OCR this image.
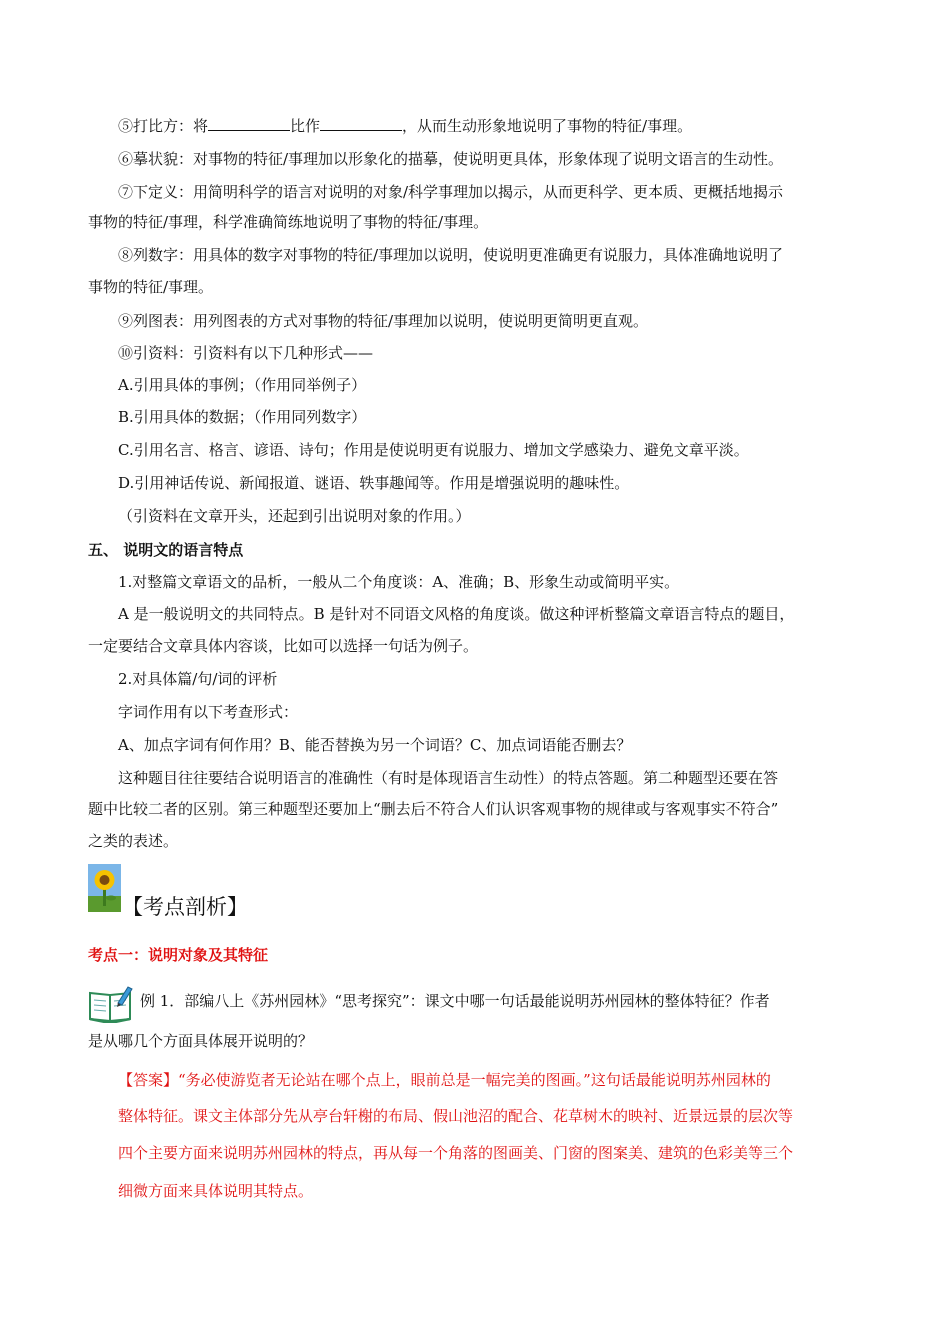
⑤打比方：将	比作	，从而生动形象地说明了事物的特征/事理。
⑥摹状貌：对事物的特征/事理加以形象化的描摹，使说明更具体，形象体现了说明文语言的生动性。
⑦下定义：用简明科学的语言对说明的对象/科学事理加以揭示，从而更科学、更本质、更概括地揭示
事物的特征/事理，科学准确简练地说明了事物的特征/事理。
⑧列数字：用具体的数字对事物的特征/事理加以说明，使说明更准确更有说服力，具体准确地说明了
事物的特征/事理。
⑨列图表：用列图表的方式对事物的特征/事理加以说明，使说明更简明更直观。
⑩引资料：引资料有以下几种形式——
A.引用具体的事例；（作用同举例子）
B.引用具体的数据；（作用同列数字）
C.引用名言、格言、谚语、诗句；作用是使说明更有说服力、增加文学感染力、避免文章平淡。
D.引用神话传说、新闻报道、谜语、轶事趣闻等。作用是增强说明的趣味性。
（引资料在文章开头，还起到引出说明对象的作用。）
五、 说明文的语言特点
1.对整篇文章语文的品析，一般从二个角度谈：A、准确；B、形象生动或简明平实。
A 是一般说明文的共同特点。B 是针对不同语文风格的角度谈。做这种评析整篇文章语言特点的题目，
一定要结合文章具体内容谈，比如可以选择一句话为例子。
2.对具体篇/句/词的评析
字词作用有以下考查形式：
A、加点字词有何作用？B、能否替换为另一个词语？C、加点词语能否删去？
这种题目往往要结合说明语言的准确性（有时是体现语言生动性）的特点答题。第二种题型还要在答
题中比较二者的区别。第三种题型还要加上“删去后不符合人们认识客观事物的规律或与客观事实不符合”
之类的表述。
【考点剖析】
考点一：说明对象及其特征
例 1．部编八上《苏州园林》“思考探究”：课文中哪一句话最能说明苏州园林的整体特征？作者
是从哪几个方面具体展开说明的？
【答案】“务必使游览者无论站在哪个点上，眼前总是一幅完美的图画。”这句话最能说明苏州园林的
整体特征。课文主体部分先从亭台轩榭的布局、假山池沼的配合、花草树木的映衬、近景远景的层次等
四个主要方面来说明苏州园林的特点，再从每一个角落的图画美、门窗的图案美、建筑的色彩美等三个
细微方面来具体说明其特点。
